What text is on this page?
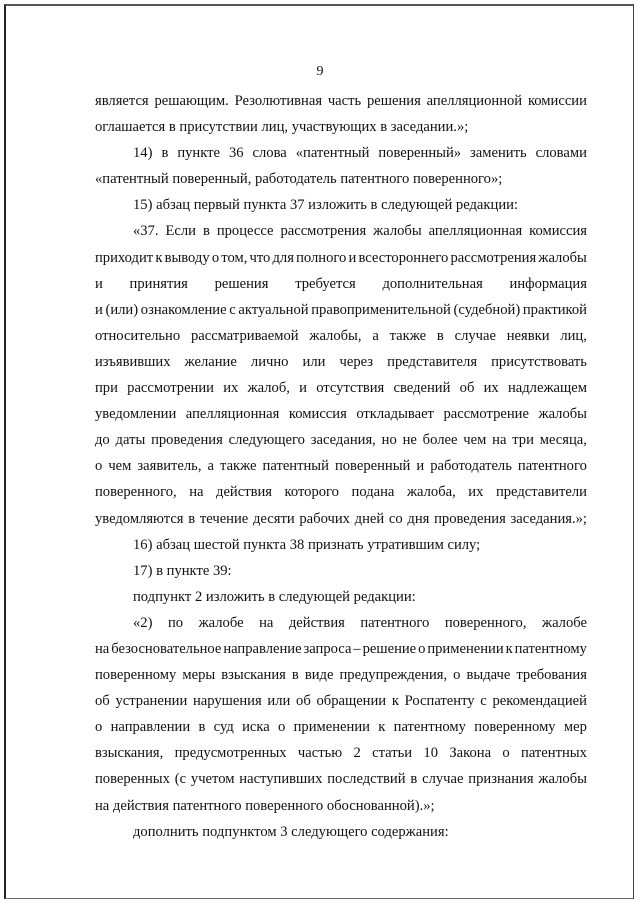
9
является решающим. Резолютивная часть решения апелляционной комиссии
оглашается в присутствии лиц, участвующих в заседании.»;
14) в пункте 36 слова «патентный поверенный» заменить словами
«патентный поверенный, работодатель патентного поверенного»;
15) абзац первый пункта 37 изложить в следующей редакции:
«37. Если в процессе рассмотрения жалобы апелляционная комиссия
приходит к выводу о том, что для полного и всестороннего рассмотрения жалобы
и принятия решения требуется дополнительная информация
и (или) ознакомление с актуальной правоприменительной (судебной) практикой
относительно рассматриваемой жалобы, а также в случае неявки лиц,
изъявивших желание лично или через представителя присутствовать
при рассмотрении их жалоб, и отсутствия сведений об их надлежащем
уведомлении апелляционная комиссия откладывает рассмотрение жалобы
до даты проведения следующего заседания, но не более чем на три месяца,
о чем заявитель, а также патентный поверенный и работодатель патентного
поверенного, на действия которого подана жалоба, их представители
уведомляются в течение десяти рабочих дней со дня проведения заседания.»;
16) абзац шестой пункта 38 признать утратившим силу;
17) в пункте 39:
подпункт 2 изложить в следующей редакции:
«2) по жалобе на действия патентного поверенного, жалобе
на безосновательное направление запроса – решение о применении к патентному
поверенному меры взыскания в виде предупреждения, о выдаче требования
об устранении нарушения или об обращении к Роспатенту с рекомендацией
о направлении в суд иска о применении к патентному поверенному мер
взыскания, предусмотренных частью 2 статьи 10 Закона о патентных
поверенных (с учетом наступивших последствий в случае признания жалобы
на действия патентного поверенного обоснованной).»;
дополнить подпунктом 3 следующего содержания:
